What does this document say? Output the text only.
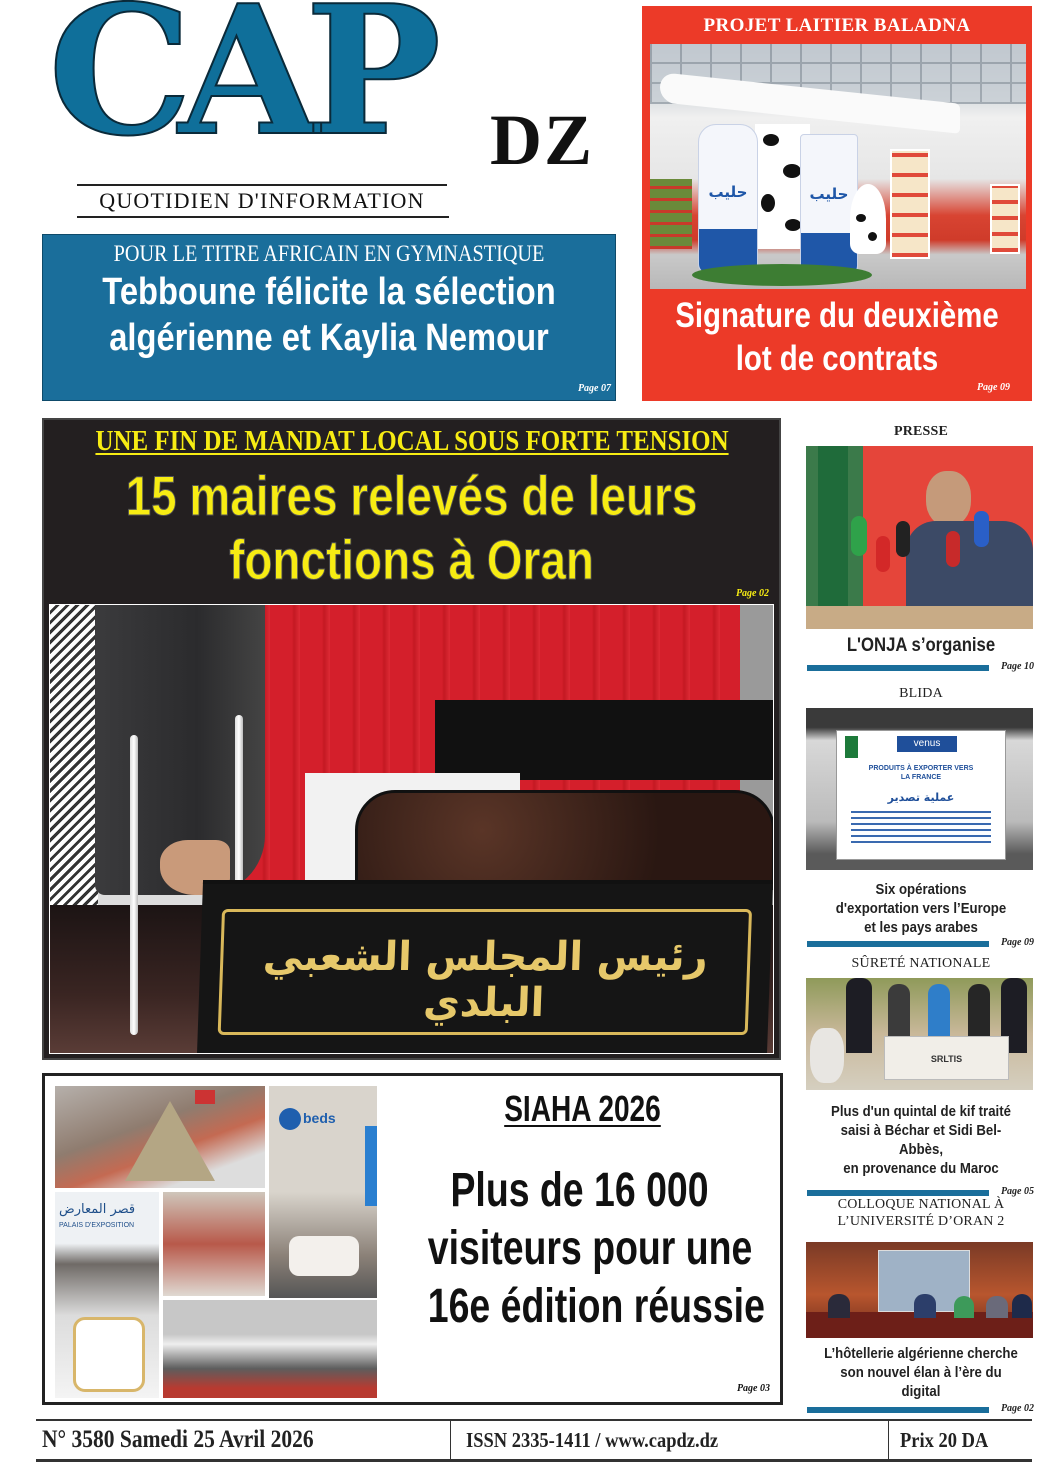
CAP DZ
QUOTIDIEN D'INFORMATION
POUR LE TITRE AFRICAIN EN GYMNASTIQUE
Tebboune félicite la sélection
algérienne et Kaylia Nemour
Page 07
PROJET LAITIER BALADNA
حليب	حليب
Signature du deuxième
lot de contrats
Page 09
UNE FIN DE MANDAT LOCAL SOUS FORTE TENSION
15 maires relevés de leurs
fonctions à Oran
Page 02
رئيس المجلس الشعبي البلدي
beds
قصر المعارض
PALAIS D'EXPOSITION
SIAHA 2026
Plus de 16 000
visiteurs pour une
16e édition réussie
Page 03
PRESSE
L'ONJA s’organise
Page 10
BLIDA
venus
PRODUITS À EXPORTER VERS
LA FRANCE
عملية تصدير
Six opérations
d'exportation vers l’Europe
et les pays arabes
Page 09
SÛRETÉ NATIONALE
SRLTIS
Plus d'un quintal de kif traité
saisi à Béchar et Sidi Bel-Abbès,
en provenance du Maroc
Page 05
COLLOQUE NATIONAL À
L’UNIVERSITÉ D’ORAN 2
L’hôtellerie algérienne cherche
son nouvel élan à l’ère du digital
Page 02
N° 3580 Samedi 25 Avril 2026	ISSN 2335-1411 / www.capdz.dz	Prix 20 DA
